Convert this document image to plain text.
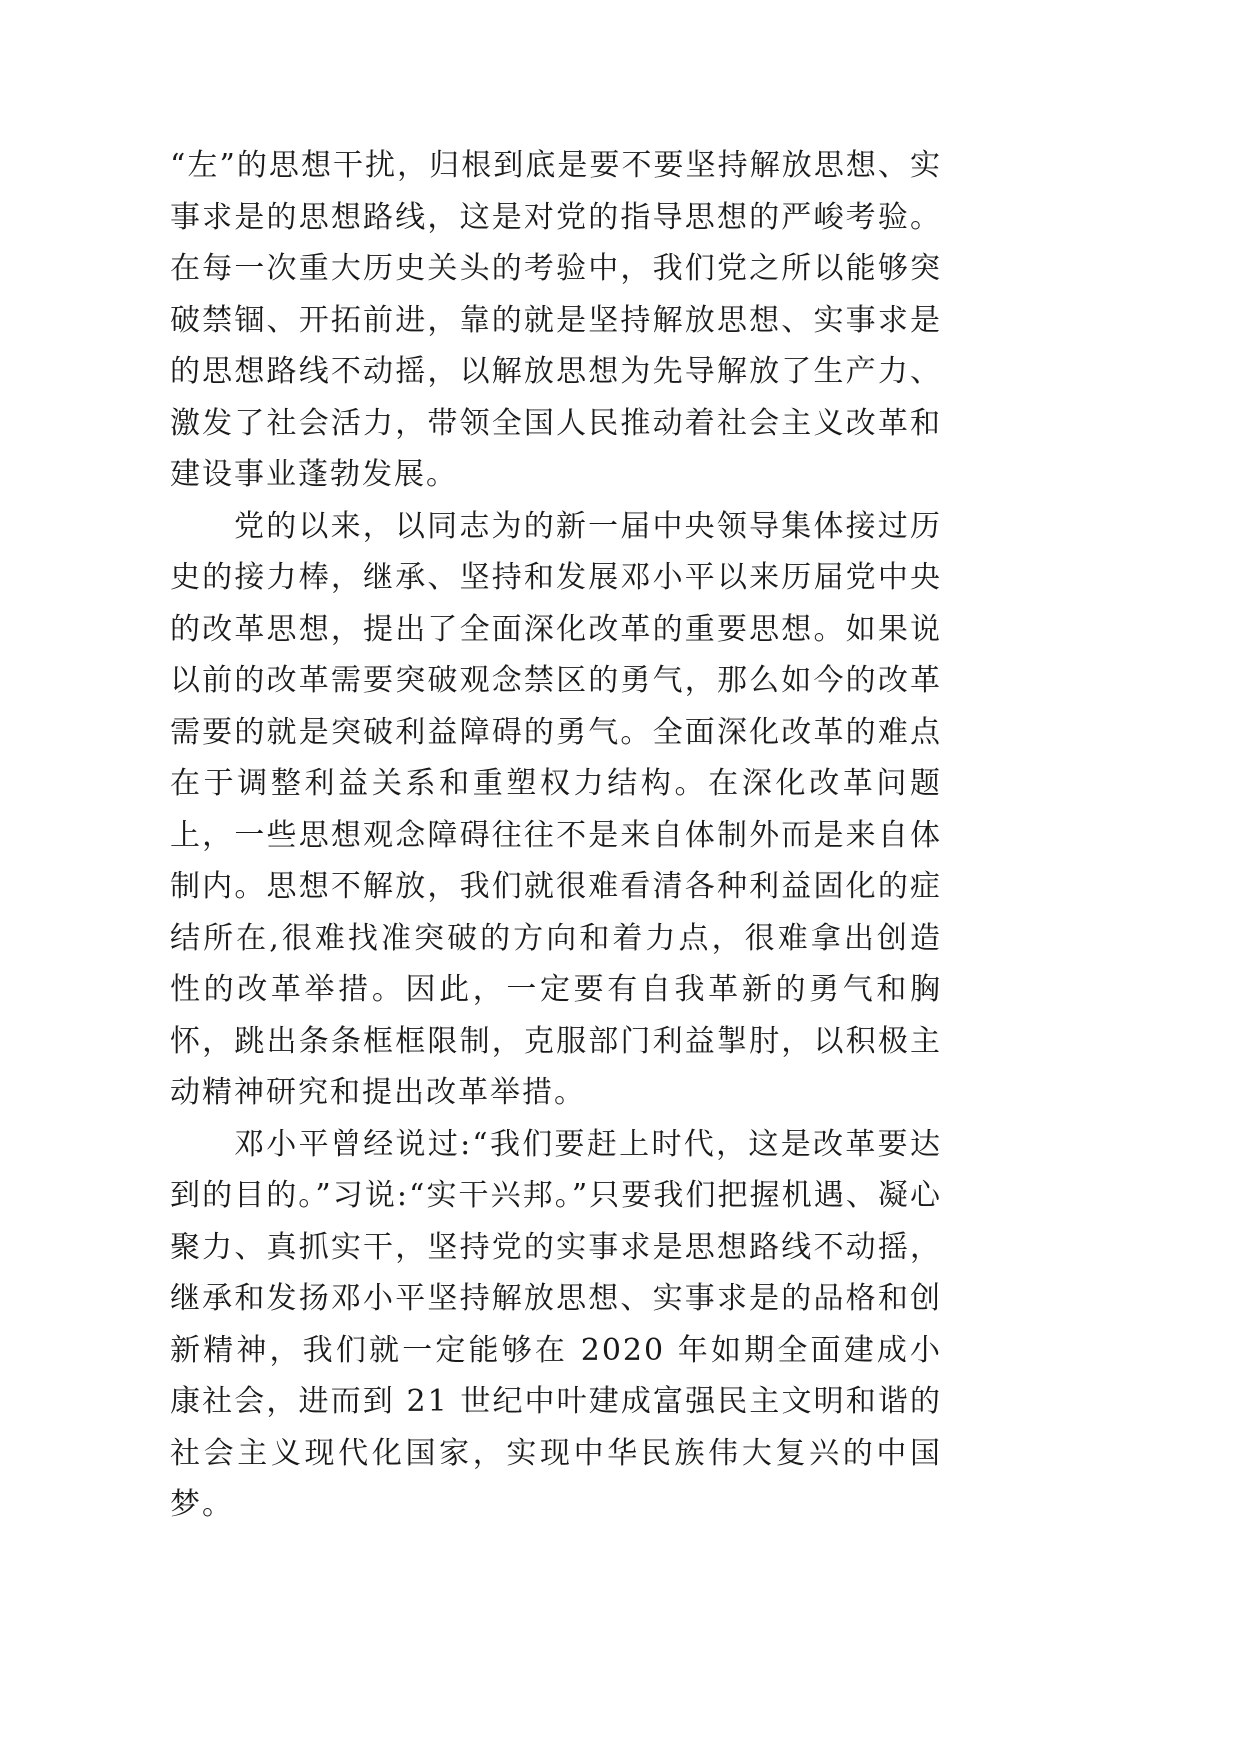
“左”的思想干扰，归根到底是要不要坚持解放思想、实事求是的思想路线，这是对党的指导思想的严峻考验。在每一次重大历史关头的考验中，我们党之所以能够突破禁锢、开拓前进，靠的就是坚持解放思想、实事求是的思想路线不动摇，以解放思想为先导解放了生产力、激发了社会活力，带领全国人民推动着社会主义改革和建设事业蓬勃发展。

党的以来，以同志为的新一届中央领导集体接过历史的接力棒，继承、坚持和发展邓小平以来历届党中央的改革思想，提出了全面深化改革的重要思想。如果说以前的改革需要突破观念禁区的勇气，那么如今的改革需要的就是突破利益障碍的勇气。全面深化改革的难点在于调整利益关系和重塑权力结构。在深化改革问题上，一些思想观念障碍往往不是来自体制外而是来自体制内。思想不解放，我们就很难看清各种利益固化的症结所在,很难找准突破的方向和着力点，很难拿出创造性的改革举措。因此，一定要有自我革新的勇气和胸怀，跳出条条框框限制，克服部门利益掣肘，以积极主动精神研究和提出改革举措。

邓小平曾经说过:“我们要赶上时代，这是改革要达到的目的。”习说:“实干兴邦。”只要我们把握机遇、凝心聚力、真抓实干，坚持党的实事求是思想路线不动摇，继承和发扬邓小平坚持解放思想、实事求是的品格和创新精神，我们就一定能够在 2020 年如期全面建成小康社会，进而到 21 世纪中叶建成富强民主文明和谐的社会主义现代化国家，实现中华民族伟大复兴的中国梦。
